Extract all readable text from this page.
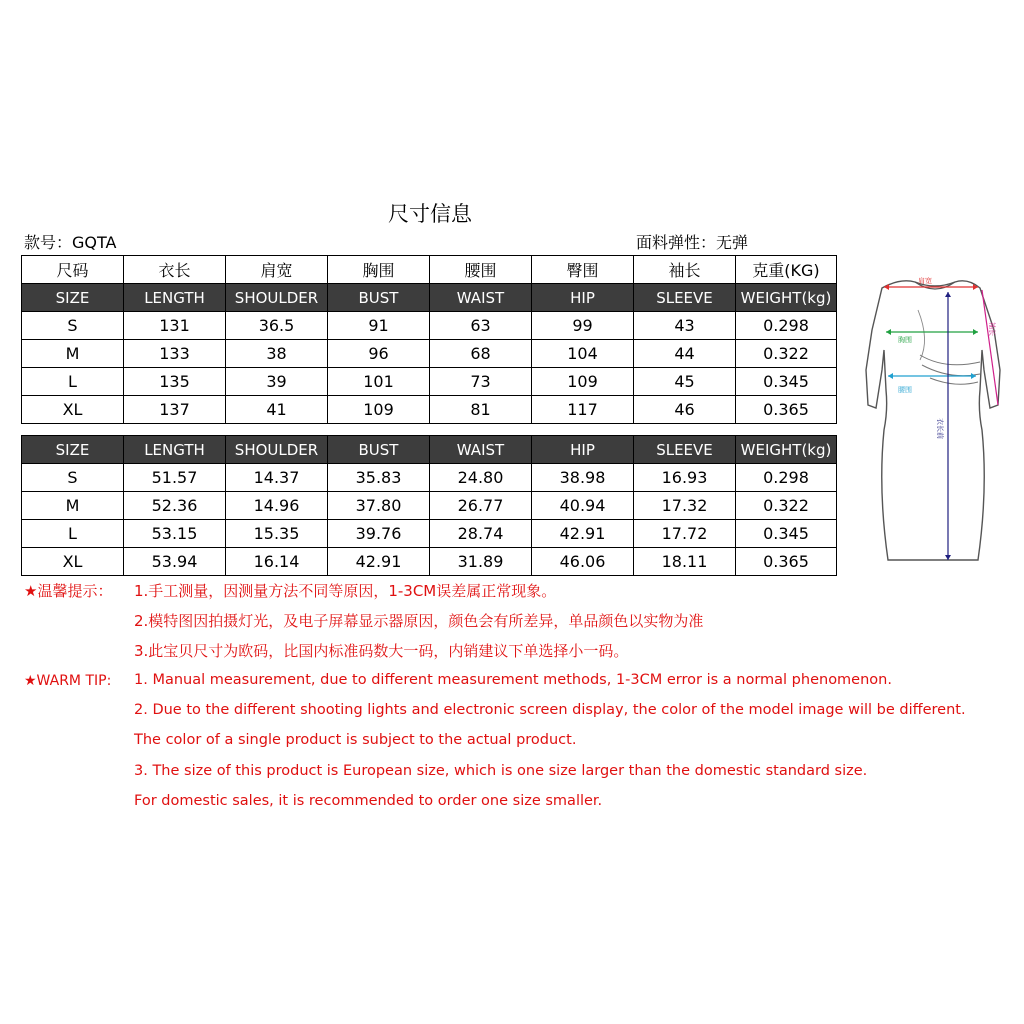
尺寸信息
款号：GQTA	面料弹性：无弹
尺码	衣长	肩宽	胸围	腰围	臀围	袖长	克重(KG)
SIZE	LENGTH	SHOULDER	BUST	WAIST	HIP	SLEEVE	WEIGHT(kg)
S	131	36.5	91	63	99	43	0.298
M	133	38	96	68	104	44	0.322
L	135	39	101	73	109	45	0.345
XL	137	41	109	81	117	46	0.365
SIZE	LENGTH	SHOULDER	BUST	WAIST	HIP	SLEEVE	WEIGHT(kg)
S	51.57	14.37	35.83	24.80	38.98	16.93	0.298
M	52.36	14.96	37.80	26.77	40.94	17.32	0.322
L	53.15	15.35	39.76	28.74	42.91	17.72	0.345
XL	53.94	16.14	42.91	31.89	46.06	18.11	0.365
★温馨提示： 1.手工测量，因测量方法不同等原因，1-3CM误差属正常现象。
2.模特图因拍摄灯光，及电子屏幕显示器原因，颜色会有所差异，单品颜色以实物为准
3.此宝贝尺寸为欧码，比国内标准码数大一码，内销建议下单选择小一码。
★WARM TIP: 1. Manual measurement, due to different measurement methods, 1-3CM error is a normal phenomenon.
2. Due to the different shooting lights and electronic screen display, the color of the model image will be different.
The color of a single product is subject to the actual product.
3. The size of this product is European size, which is one size larger than the domestic standard size.
For domestic sales, it is recommended to order one size smaller.
肩宽
袖长
胸围
腰围
衣长前
